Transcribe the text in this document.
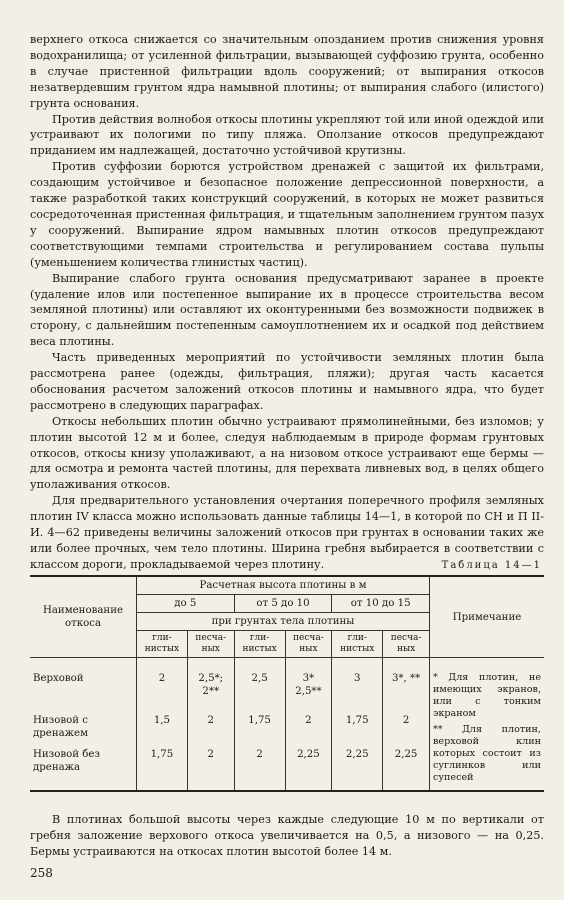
верхнего откоса снижается со значительным опозданием против снижения уровня водохранилища; от усиленной фильтрации, вызывающей суффозию грунта, особенно в случае пристенной фильтрации вдоль сооружений; от выпирания откосов незатвердевшим грунтом ядра намывной плотины; от выпирания слабого (илистого) грунта основания.

Против действия волнобоя откосы плотины укрепляют той или иной одеждой или устраивают их пологими по типу пляжа. Оползание откосов предупреждают приданием им надлежащей, достаточно устойчивой крутизны.

Против суффозии борются устройством дренажей с защитой их фильтрами, создающим устойчивое и безопасное положение депрессионной поверхности, а также разработкой таких конструкций сооружений, в которых не может развиться сосредоточенная пристенная фильтрация, и тщательным заполнением грунтом пазух у сооружений. Выпирание ядром намывных плотин откосов предупреждают соответствующими темпами строительства и регулированием состава пульпы (уменьшением количества глинистых частиц).

Выпирание слабого грунта основания предусматривают заранее в проекте (удаление илов или постепенное выпирание их в процессе строительства весом земляной плотины) или оставляют их оконтуренными без возможности подвижек в сторону, с дальнейшим постепенным самоуплотнением их и осадкой под действием веса плотины.

Часть приведенных мероприятий по устойчивости земляных плотин была рассмотрена ранее (одежды, фильтрация, пляжи); другая часть касается обоснования расчетом заложений откосов плотины и намывного ядра, что будет рассмотрено в следующих параграфах.

Откосы небольших плотин обычно устраивают прямолинейными, без изломов; у плотин высотой 12 м и более, следуя наблюдаемым в природе формам грунтовых откосов, откосы книзу уполаживают, а на низовом откосе устраивают еще бермы — для осмотра и ремонта частей плотины, для перехвата ливневых вод, в целях общего уполаживания откосов.

Для предварительного установления очертания поперечного профиля земляных плотин IV класса можно использовать данные таблицы 14—1, в которой по СН и П II-И. 4—62 приведены величины заложений откосов при грунтах в основании таких же или более прочных, чем тело плотины. Ширина гребня выбирается в соответствии с классом дороги, прокладываемой через плотину.	Таблица 14—1
Наименование откоса	Расчетная высота плотины в м						Примечание
	до 5		от 5 до 10		от 10 до 15		
	при грунтах тела плотины						
	гли- нистых	песча- ных	гли- нистых	песча- ных	гли- нистых	песча- ных	
Верховой	2	2,5*; 2**	2,5	3* 2,5**	3	3*, **	* Для плотин, не имеющих экранов, или с тонким экраном
** Для плотин, верховой клин которых состоит из суглинков или супесей

Низовой с дренажем	1,5	2	1,75	2	1,75	2	
Низовой без дренажа	1,75	2	2	2,25	2,25	2,25	

В плотинах большой высоты через каждые следующие 10 м по вертикали от гребня заложение верхового откоса увеличивается на 0,5, а низового — на 0,25. Бермы устраиваются на откосах плотин высотой более 14 м.

258
